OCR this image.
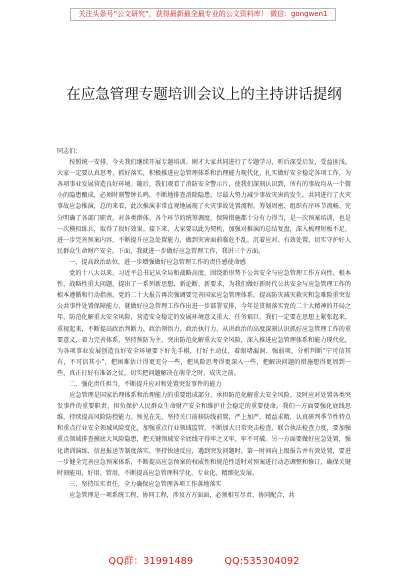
关注头条号“公文研究”，获得最新最全最专业的公文资料库！ 微信：gongwen1
在应急管理专题培训会议上的主持讲话提纲

同志们：

按照统一安排，今天我们继续开展专题培训。刚才大家共同进行了专题学习，听后深受启发、受益匪浅。大家一定要认真思考、抓好落实，积极推进应急管理体系和治理能力现代化，扎实做好安全稳定各项工作，为各项事业发展营造良好环境。随后，我们观看了消防安全警示片，使我们深刻认识到，所有的事故均从一个微小的隐患酿成，必须时刻警钟长鸣，不断地排查消除隐患，尽最大努力减少事故灾害的发生。共同进行了火灾事故应急推演，总的来看，此次推演非常直观地展现了火灾事故处置流程，筹划周密、组织有序环节流畅、充分明确了各部门职责，对各类群体、各个环节的统筹调度，保障措施都十分有力得当，是一次预案培训，也是一次模拟练兵，取得了很好效果。接下来，大家要以此为契机，加强对推演的总结复盘，深入梳理短板不足，进一步完善预案内容，不断提升应急处置能力，做到灾害面前临危不乱、沉着应对、有效处置，切实守护好人民群众生命财产安全。下面，我就进一步做好应急管理工作，我讲三个方面。

一、提高政治站位，进一步增强做好应急管理工作的责任感使命感

党的十八大以来，习近平总书记从全局和战略高度，围绕新形势下公共安全与应急管理工作方向性、根本性、战略性重大问题，提出了一系列新思想、新论断、新要求，为我们做好新时代公共安全与应急管理工作的根本遵循和行动指南。党的二十大报告再次强调要完善国家应急管理体系，提高防灾减灾救灾和急难险重突发公共事件处置保障能力，就做好应急管理工作作出进一步部署安排，今年是贯彻落实党的二十大精神的开局之年，防范化解重大安全风险，营造安全稳定的发展环境意义重大、任务艰巨，我们一定要在思想上紧张起来，重视起来，不断提高政治判断力、政治领悟力、政治执行力，从讲政治的高度深刻认识抓好应急管理工作的重要意义，着力完善体系，坚持预防为主，突出防范化解重大安全风险，深入推进应急管理体系和能力现代化，为各项事业发展创造良好安全环境要下好先手棋，打好主动仗，着眼堵漏洞、强弱项，分析判断“宁可信其有，不可信其小”，把困难估计得更充分一些，把风险思考得更深入一些，把解决问题的措施想得更周到一些，真正打好有准备之仗，切实把问题解决在萌芽之时，成灾之前。

二、强化责任担当，不断提升应对和处置突发事件的能力

应急管理是国家治理体系和治理能力的重要组成部分，承担防范化解重大安全风险、及时应对处置各类突发事件的重要职责，担负保护人民群众生命财产安全和维护社会稳定的重要使命。我们一方面要强化底线思维，持续提高风险防控能力。预见在先，坚持关口前移防线前置，严上加严、精益求精，认真研判季节性特点和重点行业安全领域风险变化，加强重点行业领域监管，不断加大日常突击检查、联合执法检查力度，要加强重点领域排查摸底大风险隐患，把关键领域安全底线守得牢之又牢、牢不可破。另一方面要做好应急处置，强化诸训演练、信息报送等制度落实，坚持快速反应，遇到突发问题时，第一时间向上级报告并有效处置，要进一步健全完善应急预案体系，不断提高应急预案的权威性和规范性适时对预案进行动态调整和修订，确保关键时刻能用、好用、管用，不断提高应急管理科学化、专业化、精细化发展。

三、坚持压实责任，全力确保应急管理各项工作落地落实

应急管理是一项系统工程、协同工程，涉及方方面面，必须相互尽责、协同配合，共

QQ群：31991489	QQ:535304092
